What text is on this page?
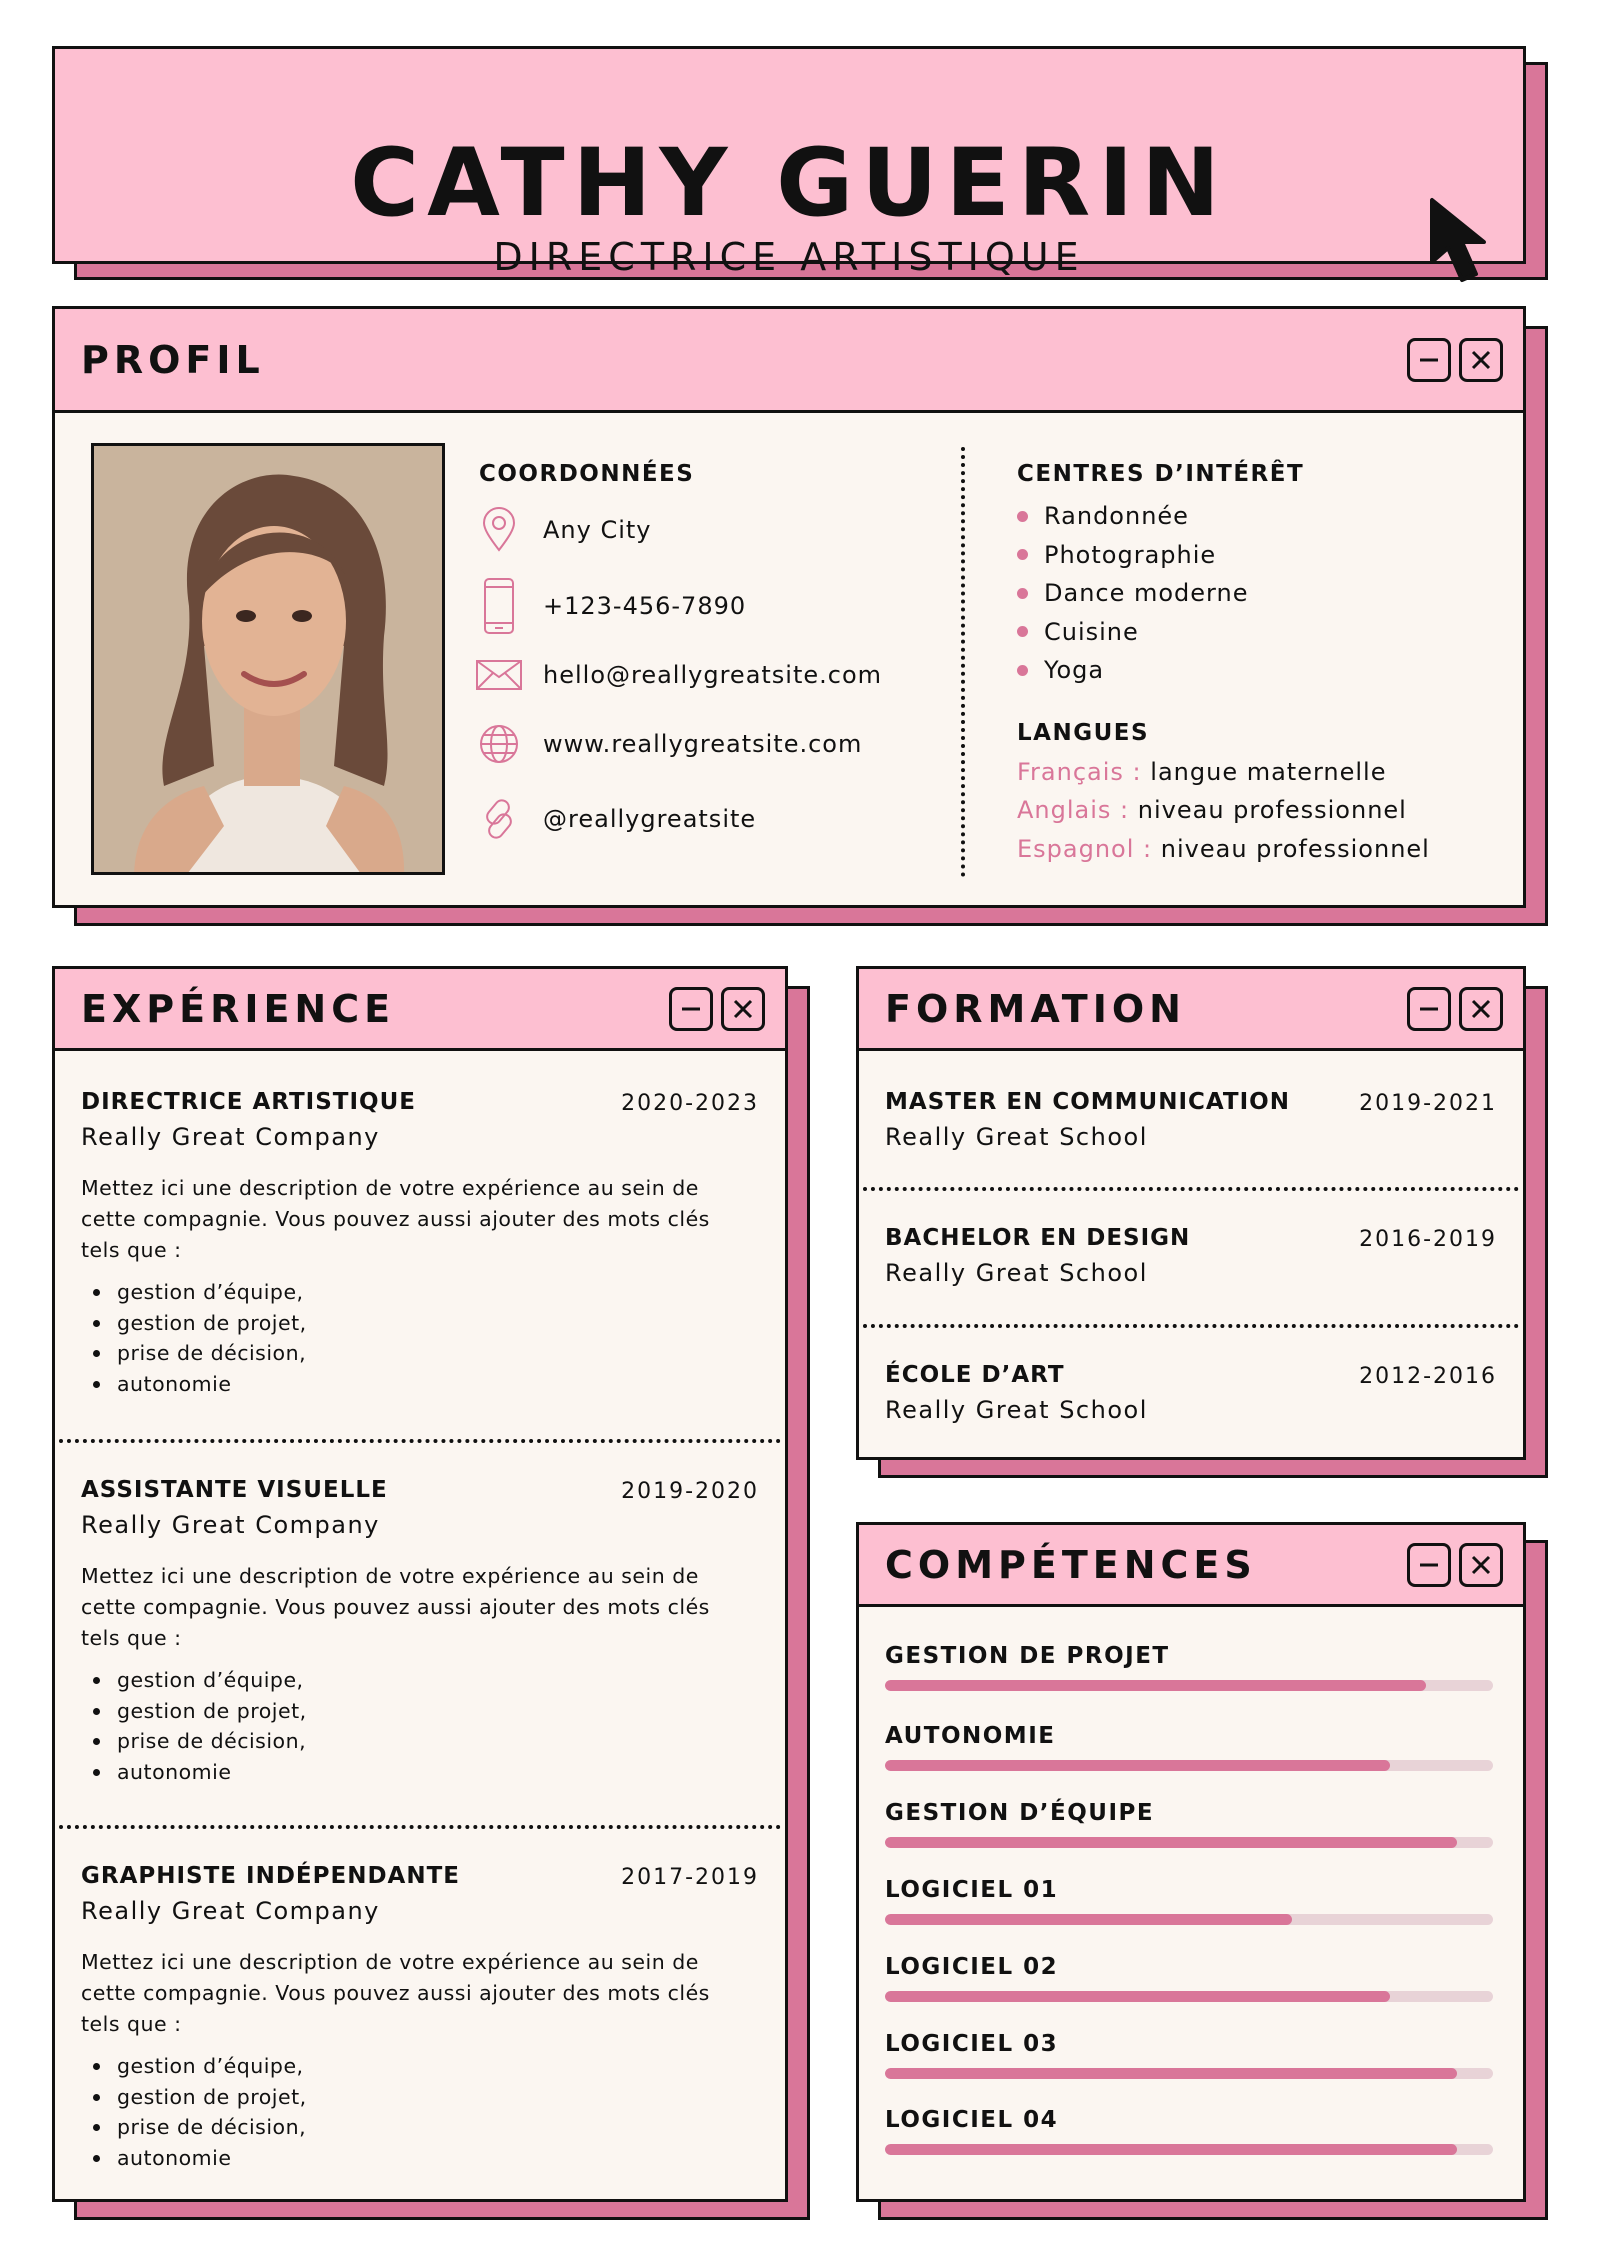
CATHY GUERIN
DIRECTRICE ARTISTIQUE
PROFIL
COORDONNÉES
Any City
+123-456-7890
hello@reallygreatsite.com
www.reallygreatsite.com
@reallygreatsite
CENTRES D’INTÉRÊT
Randonnée
Photographie
Dance moderne
Cuisine
Yoga
LANGUES
Français : langue maternelle
Anglais : niveau professionnel
Espagnol : niveau professionnel
EXPÉRIENCE
DIRECTRICE ARTISTIQUE	2020-2023
Really Great Company
Mettez ici une description de votre expérience au sein de cette compagnie. Vous pouvez aussi ajouter des mots clés tels que :
gestion d’équipe,
gestion de projet,
prise de décision,
autonomie
ASSISTANTE VISUELLE	2019-2020
Really Great Company
Mettez ici une description de votre expérience au sein de cette compagnie. Vous pouvez aussi ajouter des mots clés tels que :
gestion d’équipe,
gestion de projet,
prise de décision,
autonomie
GRAPHISTE INDÉPENDANTE	2017-2019
Really Great Company
Mettez ici une description de votre expérience au sein de cette compagnie. Vous pouvez aussi ajouter des mots clés tels que :
gestion d’équipe,
gestion de projet,
prise de décision,
autonomie
FORMATION
MASTER EN COMMUNICATION	2019-2021
Really Great School
BACHELOR EN DESIGN	2016-2019
Really Great School
ÉCOLE D’ART	2012-2016
Really Great School
COMPÉTENCES
GESTION DE PROJET
AUTONOMIE
GESTION D’ÉQUIPE
LOGICIEL 01
LOGICIEL 02
LOGICIEL 03
LOGICIEL 04
